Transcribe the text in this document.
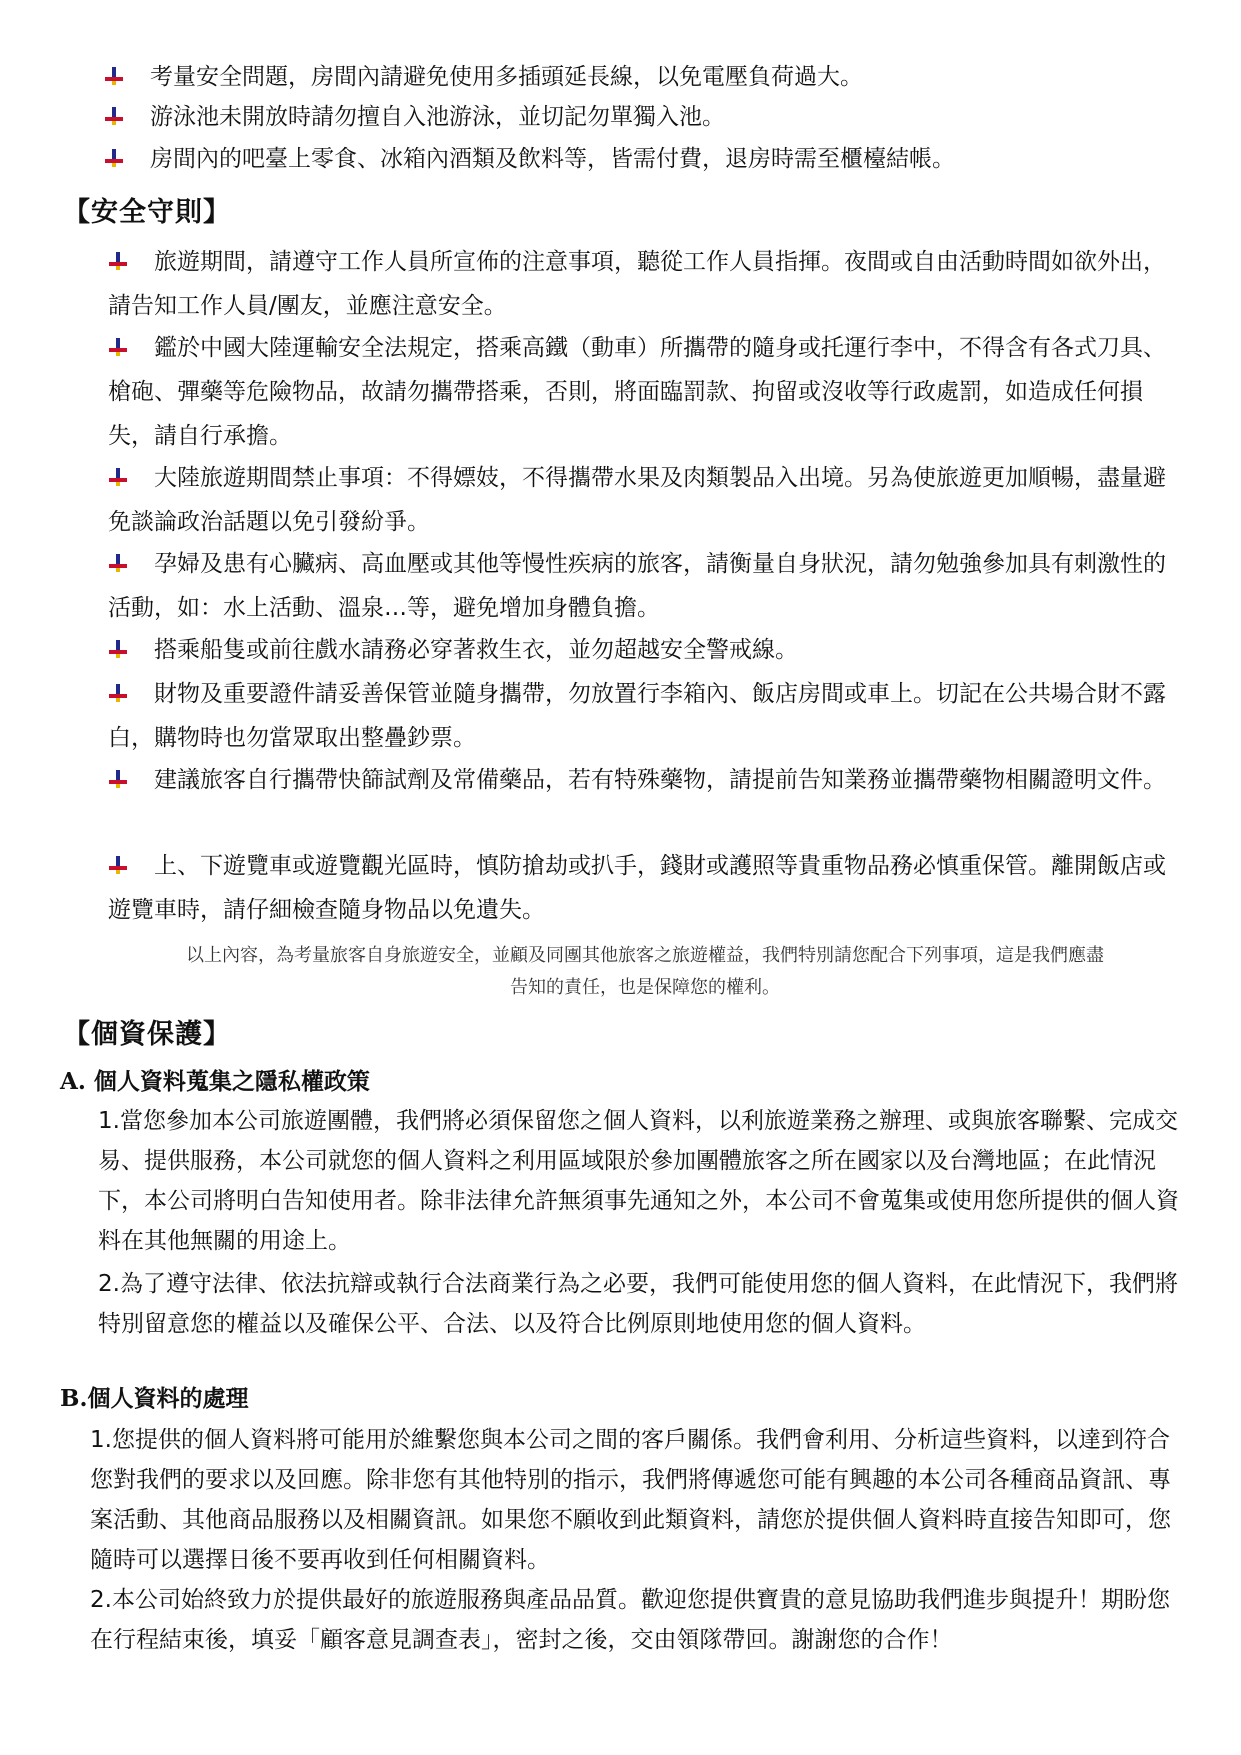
考量安全問題，房間內請避免使用多插頭延長線，以免電壓負荷過大。
游泳池未開放時請勿擅自入池游泳，並切記勿單獨入池。
房間內的吧臺上零食、冰箱內酒類及飲料等，皆需付費，退房時需至櫃檯結帳。
【安全守則】
旅遊期間，請遵守工作人員所宣佈的注意事項，聽從工作人員指揮。夜間或自由活動時間如欲外出，請告知工作人員/團友，並應注意安全。
鑑於中國大陸運輸安全法規定，搭乘高鐵（動車）所攜帶的隨身或托運行李中，不得含有各式刀具、槍砲、彈藥等危險物品，故請勿攜帶搭乘，否則，將面臨罰款、拘留或沒收等行政處罰，如造成任何損失，請自行承擔。
大陸旅遊期間禁止事項：不得嫖妓，不得攜帶水果及肉類製品入出境。另為使旅遊更加順暢，盡量避免談論政治話題以免引發紛爭。
孕婦及患有心臟病、高血壓或其他等慢性疾病的旅客，請衡量自身狀況，請勿勉強參加具有刺激性的活動，如：水上活動、溫泉…等，避免增加身體負擔。
搭乘船隻或前往戲水請務必穿著救生衣，並勿超越安全警戒線。
財物及重要證件請妥善保管並隨身攜帶，勿放置行李箱內、飯店房間或車上。切記在公共場合財不露白，購物時也勿當眾取出整疊鈔票。
建議旅客自行攜帶快篩試劑及常備藥品，若有特殊藥物，請提前告知業務並攜帶藥物相關證明文件。
上、下遊覽車或遊覽觀光區時，慎防搶劫或扒手，錢財或護照等貴重物品務必慎重保管。離開飯店或遊覽車時，請仔細檢查隨身物品以免遺失。
以上內容，為考量旅客自身旅遊安全，並顧及同團其他旅客之旅遊權益，我們特別請您配合下列事項，這是我們應盡
告知的責任，也是保障您的權利。
【個資保護】
A. 個人資料蒐集之隱私權政策
1.當您參加本公司旅遊團體，我們將必須保留您之個人資料，以利旅遊業務之辦理、或與旅客聯繫、完成交易、提供服務，本公司就您的個人資料之利用區域限於參加團體旅客之所在國家以及台灣地區；在此情況下，本公司將明白告知使用者。除非法律允許無須事先通知之外，本公司不會蒐集或使用您所提供的個人資料在其他無關的用途上。
2.為了遵守法律、依法抗辯或執行合法商業行為之必要，我們可能使用您的個人資料，在此情況下，我們將特別留意您的權益以及確保公平、合法、以及符合比例原則地使用您的個人資料。
B.個人資料的處理
1.您提供的個人資料將可能用於維繫您與本公司之間的客戶關係。我們會利用、分析這些資料，以達到符合您對我們的要求以及回應。除非您有其他特別的指示，我們將傳遞您可能有興趣的本公司各種商品資訊、專案活動、其他商品服務以及相關資訊。如果您不願收到此類資料，請您於提供個人資料時直接告知即可，您隨時可以選擇日後不要再收到任何相關資料。
2.本公司始終致力於提供最好的旅遊服務與產品品質。歡迎您提供寶貴的意見協助我們進步與提升！期盼您在行程結束後，填妥「顧客意見調查表」，密封之後，交由領隊帶回。謝謝您的合作！
